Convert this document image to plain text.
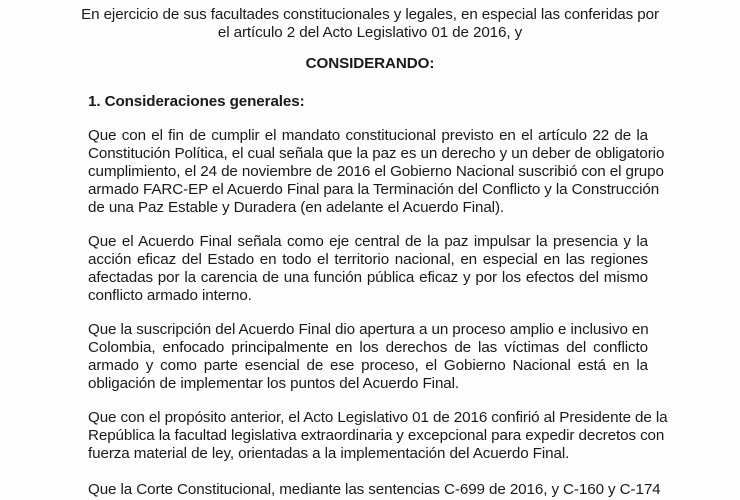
En ejercicio de sus facultades constitucionales y legales, en especial las conferidas por
el artículo 2 del Acto Legislativo 01 de 2016, y
CONSIDERANDO:
1. Consideraciones generales:
Que con el fin de cumplir el mandato constitucional previsto en el artículo 22 de la
Constitución Política, el cual señala que la paz es un derecho y un deber de obligatorio
cumplimiento, el 24 de noviembre de 2016 el Gobierno Nacional suscribió con el grupo
armado FARC-EP el Acuerdo Final para la Terminación del Conflicto y la Construcción
de una Paz Estable y Duradera (en adelante el Acuerdo Final).
Que el Acuerdo Final señala como eje central de la paz impulsar la presencia y la
acción eficaz del Estado en todo el territorio nacional, en especial en las regiones
afectadas por la carencia de una función pública eficaz y por los efectos del mismo
conflicto armado interno.
Que la suscripción del Acuerdo Final dio apertura a un proceso amplio e inclusivo en
Colombia, enfocado principalmente en los derechos de las víctimas del conflicto
armado y como parte esencial de ese proceso, el Gobierno Nacional está en la
obligación de implementar los puntos del Acuerdo Final.
Que con el propósito anterior, el Acto Legislativo 01 de 2016 confirió al Presidente de la
República la facultad legislativa extraordinaria y excepcional para expedir decretos con
fuerza material de ley, orientadas a la implementación del Acuerdo Final.
Que la Corte Constitucional, mediante las sentencias C-699 de 2016, y C-160 y C-174
